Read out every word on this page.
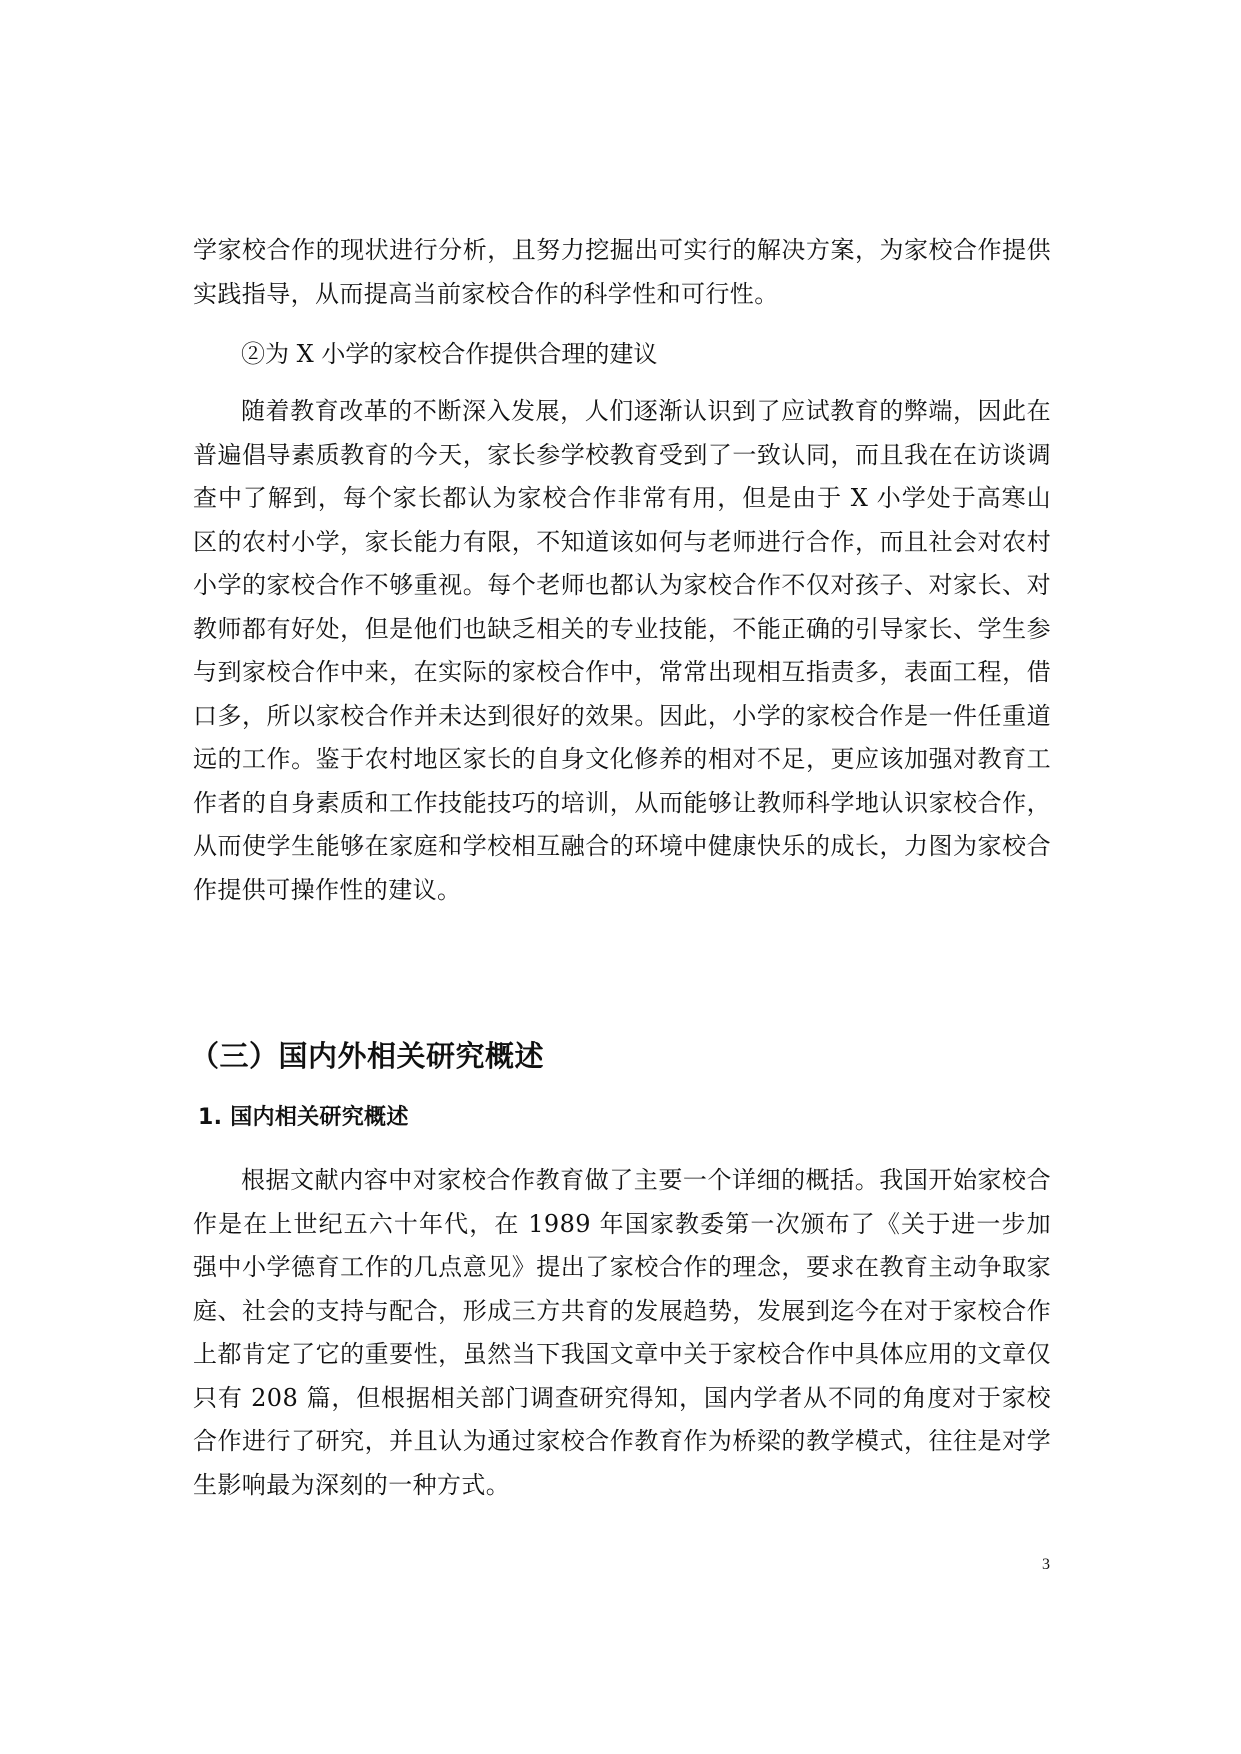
学家校合作的现状进行分析，且努力挖掘出可实行的解决方案，为家校合作提供实践指导，从而提高当前家校合作的科学性和可行性。

②为 X 小学的家校合作提供合理的建议

随着教育改革的不断深入发展，人们逐渐认识到了应试教育的弊端，因此在普遍倡导素质教育的今天，家长参学校教育受到了一致认同，而且我在在访谈调查中了解到，每个家长都认为家校合作非常有用，但是由于 X 小学处于高寒山区的农村小学，家长能力有限，不知道该如何与老师进行合作，而且社会对农村小学的家校合作不够重视。每个老师也都认为家校合作不仅对孩子、对家长、对教师都有好处，但是他们也缺乏相关的专业技能，不能正确的引导家长、学生参与到家校合作中来，在实际的家校合作中，常常出现相互指责多，表面工程，借口多，所以家校合作并未达到很好的效果。因此，小学的家校合作是一件任重道远的工作。鉴于农村地区家长的自身文化修养的相对不足，更应该加强对教育工作者的自身素质和工作技能技巧的培训，从而能够让教师科学地认识家校合作，从而使学生能够在家庭和学校相互融合的环境中健康快乐的成长，力图为家校合作提供可操作性的建议。

（三）国内外相关研究概述
1. 国内相关研究概述

根据文献内容中对家校合作教育做了主要一个详细的概括。我国开始家校合作是在上世纪五六十年代，在 1989 年国家教委第一次颁布了《关于进一步加强中小学德育工作的几点意见》提出了家校合作的理念，要求在教育主动争取家庭、社会的支持与配合，形成三方共育的发展趋势，发展到迄今在对于家校合作上都肯定了它的重要性，虽然当下我国文章中关于家校合作中具体应用的文章仅只有 208 篇，但根据相关部门调查研究得知，国内学者从不同的角度对于家校合作进行了研究，并且认为通过家校合作教育作为桥梁的教学模式，往往是对学生影响最为深刻的一种方式。

3
